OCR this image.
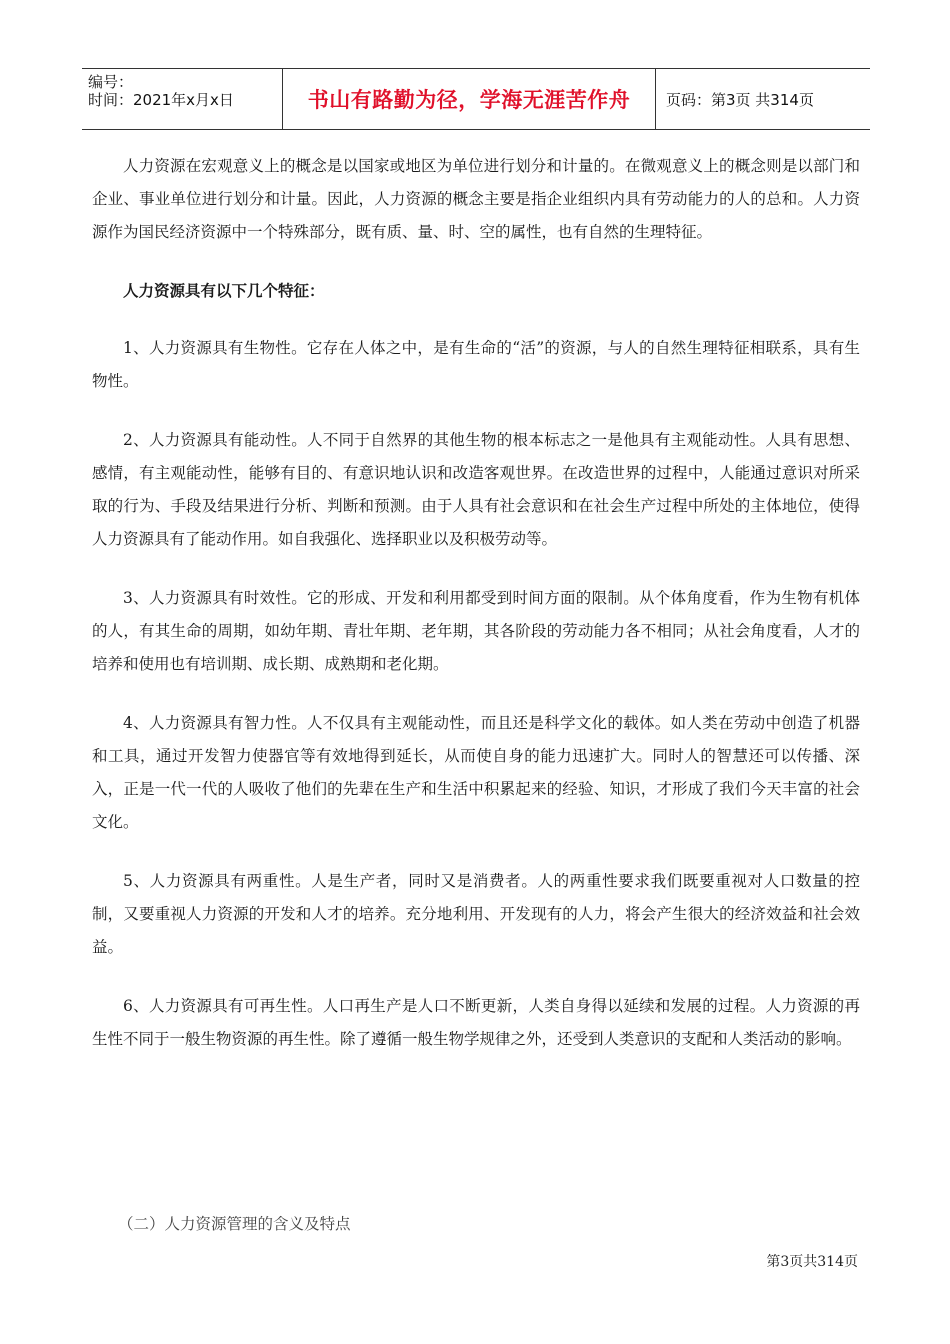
编号：
时间：2021年x月x日	书山有路勤为径，学海无涯苦作舟	页码：第3页 共314页

人力资源在宏观意义上的概念是以国家或地区为单位进行划分和计量的。在微观意义上的概念则是以部门和企业、事业单位进行划分和计量。因此，人力资源的概念主要是指企业组织内具有劳动能力的人的总和。人力资源作为国民经济资源中一个特殊部分，既有质、量、时、空的属性，也有自然的生理特征。

人力资源具有以下几个特征：

1、人力资源具有生物性。它存在人体之中，是有生命的“活”的资源，与人的自然生理特征相联系，具有生物性。

2、人力资源具有能动性。人不同于自然界的其他生物的根本标志之一是他具有主观能动性。人具有思想、感情，有主观能动性，能够有目的、有意识地认识和改造客观世界。在改造世界的过程中，人能通过意识对所采取的行为、手段及结果进行分析、判断和预测。由于人具有社会意识和在社会生产过程中所处的主体地位，使得人力资源具有了能动作用。如自我强化、选择职业以及积极劳动等。

3、人力资源具有时效性。它的形成、开发和利用都受到时间方面的限制。从个体角度看，作为生物有机体的人，有其生命的周期，如幼年期、青壮年期、老年期，其各阶段的劳动能力各不相同；从社会角度看，人才的培养和使用也有培训期、成长期、成熟期和老化期。

4、人力资源具有智力性。人不仅具有主观能动性，而且还是科学文化的载体。如人类在劳动中创造了机器和工具，通过开发智力使器官等有效地得到延长，从而使自身的能力迅速扩大。同时人的智慧还可以传播、深入，正是一代一代的人吸收了他们的先辈在生产和生活中积累起来的经验、知识，才形成了我们今天丰富的社会文化。

5、人力资源具有两重性。人是生产者，同时又是消费者。人的两重性要求我们既要重视对人口数量的控制，又要重视人力资源的开发和人才的培养。充分地利用、开发现有的人力，将会产生很大的经济效益和社会效益。

6、人力资源具有可再生性。人口再生产是人口不断更新，人类自身得以延续和发展的过程。人力资源的再生性不同于一般生物资源的再生性。除了遵循一般生物学规律之外，还受到人类意识的支配和人类活动的影响。

（二）人力资源管理的含义及特点
第3页共314页
